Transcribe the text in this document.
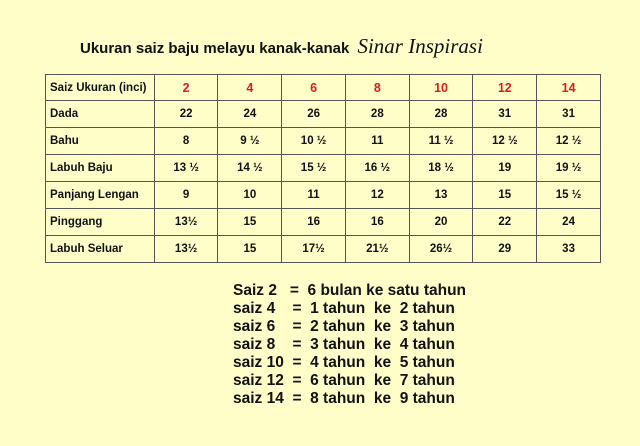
Ukuran saiz baju melayu kanak-kanak Sinar Inspirasi
Saiz Ukuran (inci)	2	4	6	8	10	12	14
Dada	22	24	26	28	28	31	31
Bahu	8	9 ½	10 ½	11	11 ½	12 ½	12 ½
Labuh Baju	13 ½	14 ½	15 ½	16 ½	18 ½	19	19 ½
Panjang Lengan	9	10	11	12	13	15	15 ½
Pinggang	13½	15	16	16	20	22	24
Labuh Seluar	13½	15	17½	21½	26½	29	33
Saiz 2   =  6 bulan ke satu tahun
saiz 4    =  1 tahun  ke  2 tahun
saiz 6    =  2 tahun  ke  3 tahun
saiz 8    =  3 tahun  ke  4 tahun
saiz 10  =  4 tahun  ke  5 tahun
saiz 12  =  6 tahun  ke  7 tahun
saiz 14  =  8 tahun  ke  9 tahun
